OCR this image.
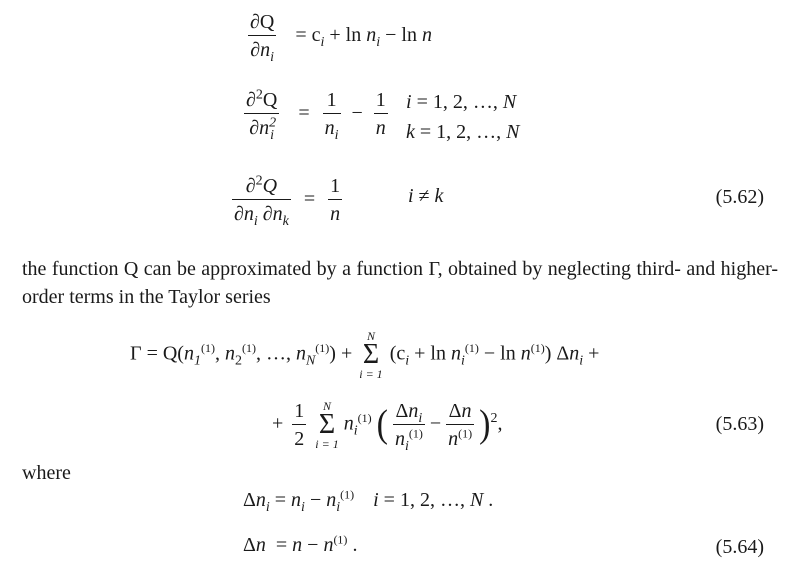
$\frac{\partial Q}{\partial n_i} = c_i + \ln n_i - \ln n$
$\frac{\partial^2Q}{\partial n^2_i} = \frac{1}{n_i} - \frac{1}{n}$ i = 1, 2, …, N
k = 1, 2, …, N
$\frac{\partial^2Q}{\partial n_i \partial n_k} = \frac{1}{n}$	i ≠ k	(5.62)
the function Q can be approximated by a function Γ, obtained by neglecting third- and higher-order terms in the Taylor series
$\Gamma = Q(n_1^{(1)}$, $n_2^{(1)}$, …, $n_N^{(1)}$) +
N
Σ
i = 1
$(c_i + \ln n_i^{(1)} - \ln n^{(1)}) \Delta n_i$ +
+ $\frac{1}{2}$
N
Σ
i = 1
$n_i^{(1)}$ ( $\frac{\Delta n_i}{n_i^{(1)}} - \frac{\Delta n}{n^{(1)}} )^2$,	(5.63)
where
$\Delta n_i = n_i - n_i^{(1)}$ i = 1, 2, …, N .
$\Delta n = n - n^{(1)}$ .	(5.64)
